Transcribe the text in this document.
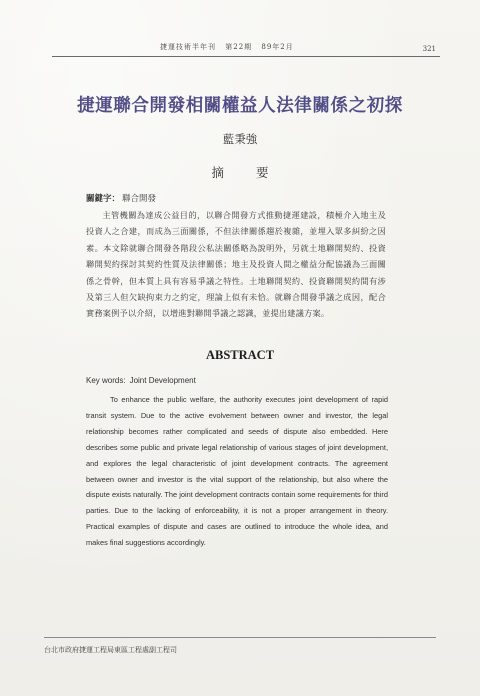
捷運技術半年刊 第22期 89年2月	321
捷運聯合開發相關權益人法律關係之初探
藍秉強
摘 要
關鍵字： 聯合開發
主管機關為達成公益目的，以聯合開發方式推動捷運建設，積極介入地主及投資人之合建，而成為三面關係，不但法律關係趨於複雜，並埋入眾多糾紛之因素。本文除就聯合開發各階段公私法關係略為說明外，另就土地聯開契約、投資聯開契約探討其契約性質及法律關係；地主及投資人間之權益分配協議為三面關係之骨幹，但本質上具有容易爭議之特性。土地聯開契約、投資聯開契約間有涉及第三人但欠缺拘束力之約定，理論上似有未恰。就聯合開發爭議之成因，配合實務案例予以介紹，以增進對聯開爭議之認識，並提出建議方案。
ABSTRACT
Key words: Joint Development
To enhance the public welfare, the authority executes joint development of rapid transit system. Due to the active evolvement between owner and investor, the legal relationship becomes rather complicated and seeds of dispute also embedded. Here describes some public and private legal relationship of various stages of joint development, and explores the legal characteristic of joint development contracts. The agreement between owner and investor is the vital support of the relationship, but also where the dispute exists naturally. The joint development contracts contain some requirements for third parties. Due to the lacking of enforceability, it is not a proper arrangement in theory. Practical examples of dispute and cases are outlined to introduce the whole idea, and makes final suggestions accordingly.
台北市政府捷運工程局東區工程處副工程司
